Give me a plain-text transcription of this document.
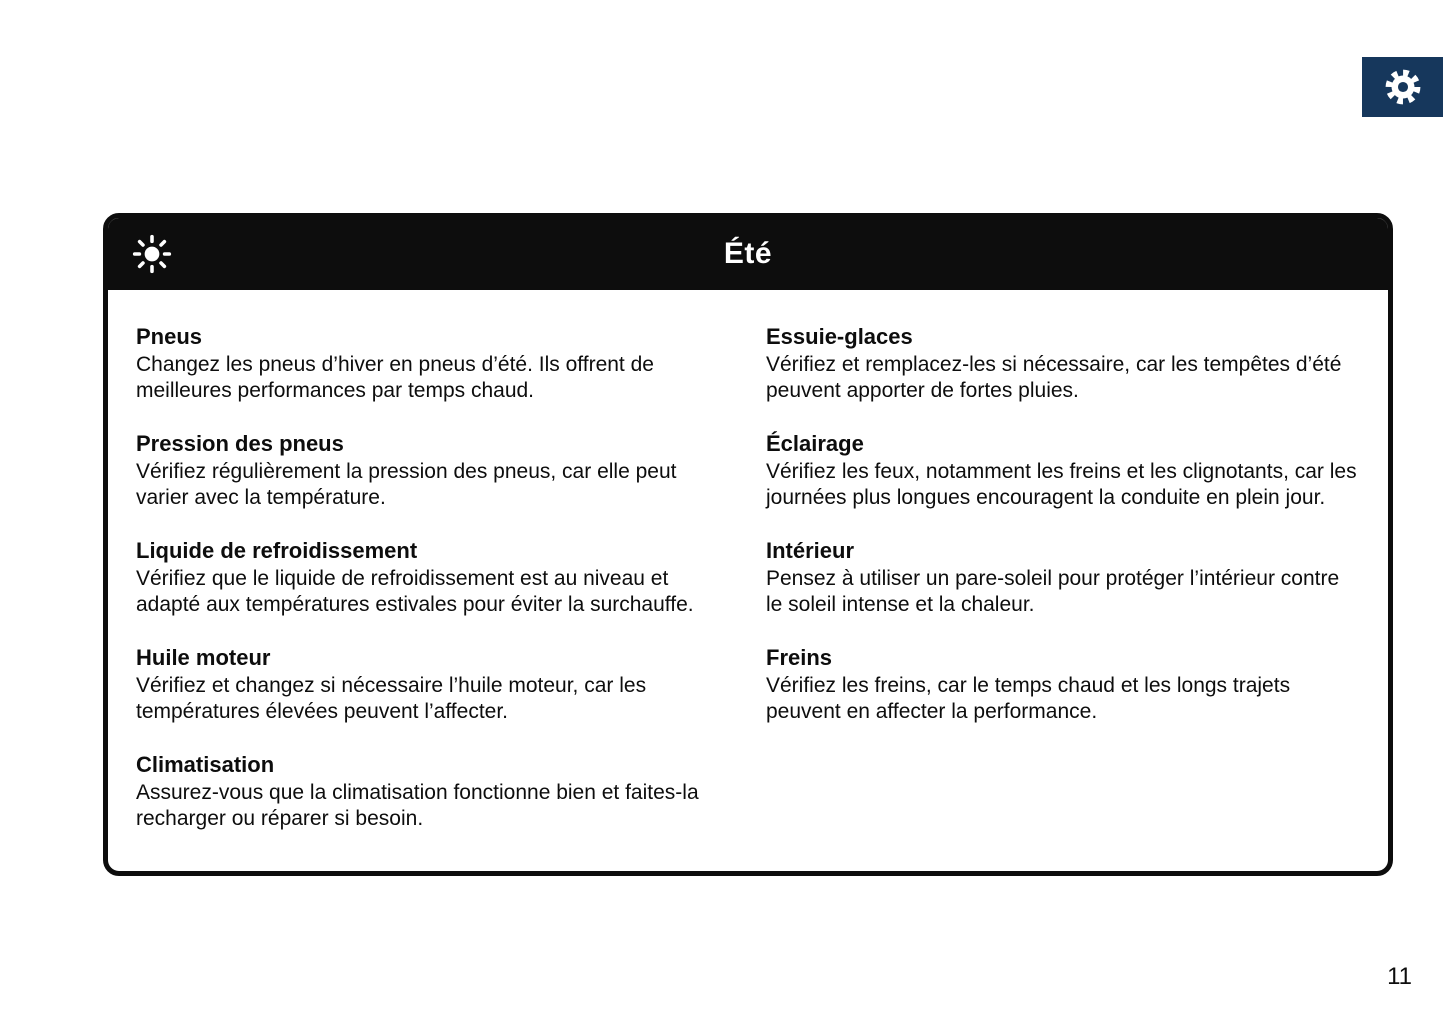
Été
Pneus

Changez les pneus d’hiver en pneus d’été. Ils offrent de meilleures performances par temps chaud.

Pression des pneus

Vérifiez régulièrement la pression des pneus, car elle peut varier avec la température.

Liquide de refroidissement

Vérifiez que le liquide de refroidissement est au niveau et adapté aux températures estivales pour éviter la surchauffe.

Huile moteur

Vérifiez et changez si nécessaire l’huile moteur, car les températures élevées peuvent l’affecter.

Climatisation

Assurez-vous que la climatisation fonctionne bien et faites-la recharger ou réparer si besoin.

Essuie-glaces

Vérifiez et remplacez-les si nécessaire, car les tempêtes d’été peuvent apporter de fortes pluies.

Éclairage

Vérifiez les feux, notamment les freins et les clignotants, car les journées plus longues encouragent la conduite en plein jour.

Intérieur

Pensez à utiliser un pare-soleil pour protéger l’intérieur contre le soleil intense et la chaleur.

Freins

Vérifiez les freins, car le temps chaud et les longs trajets peuvent en affecter la performance.

11
